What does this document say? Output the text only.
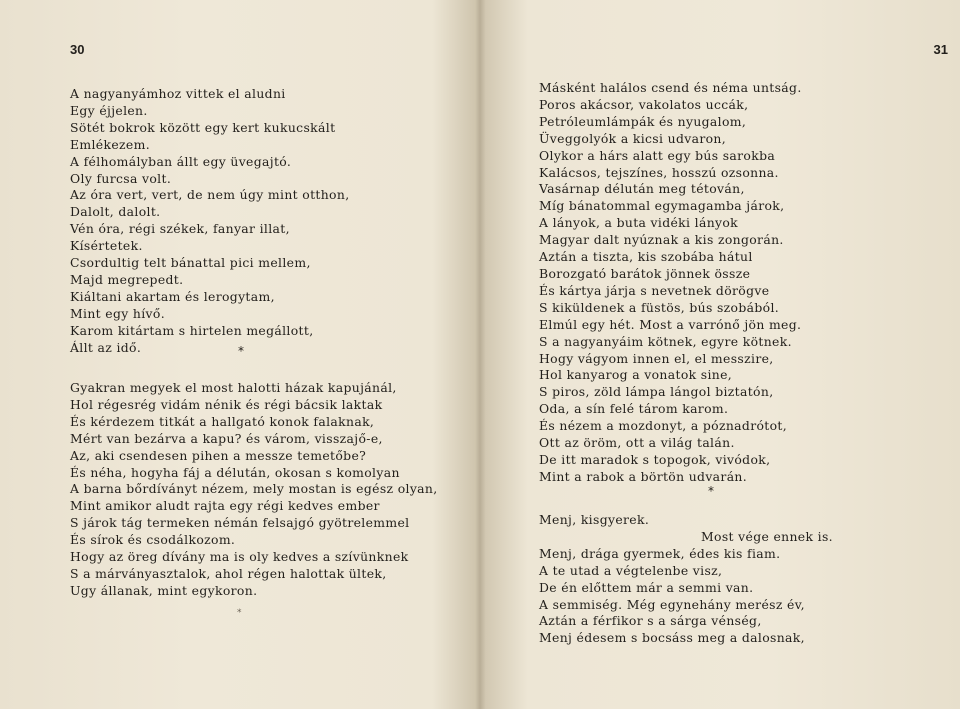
30
A nagyanyámhoz vittek el aludni
Egy éjjelen.
Sötét bokrok között egy kert kukucskált
Emlékezem.
A félhomályban állt egy üvegajtó.
Oly furcsa volt.
Az óra vert, vert, de nem úgy mint otthon,
Dalolt, dalolt.
Vén óra, régi székek, fanyar illat,
Kísértetek.
Csordultig telt bánattal pici mellem,
Majd megrepedt.
Kiáltani akartam és lerogytam,
Mint egy hívő.
Karom kitártam s hirtelen megállott,
Állt az idő.	*
Gyakran megyek el most halotti házak kapujánál,
Hol régesrég vidám nénik és régi bácsik laktak
És kérdezem titkát a hallgató konok falaknak,
Mért van bezárva a kapu? és várom, visszajő-e,
Az, aki csendesen pihen a messze temetőbe?
És néha, hogyha fáj a délután, okosan s komolyan
A barna bőrdíványt nézem, mely mostan is egész olyan,
Mint amikor aludt rajta egy régi kedves ember
S járok tág termeken némán felsajgó gyötrelemmel
És sírok és csodálkozom.
Hogy az öreg dívány ma is oly kedves a szívünknek
S a márványasztalok, ahol régen halottak ültek,
Ugy állanak, mint egykoron.
*
31
Másként halálos csend és néma untság.
Poros akácsor, vakolatos uccák,
Petróleumlámpák és nyugalom,
Üveggolyók a kicsi udvaron,
Olykor a hárs alatt egy bús sarokba
Kalácsos, tejszínes, hosszú ozsonna.
Vasárnap délután meg tétován,
Míg bánatommal egymagamba járok,
A lányok, a buta vidéki lányok
Magyar dalt nyúznak a kis zongorán.
Aztán a tiszta, kis szobába hátul
Borozgató barátok jönnek össze
És kártya járja s nevetnek dörögve
S kiküldenek a füstös, bús szobából.
Elmúl egy hét. Most a varrónő jön meg.
S a nagyanyáim kötnek, egyre kötnek.
Hogy vágyom innen el, el messzire,
Hol kanyarog a vonatok sine,
S piros, zöld lámpa lángol biztatón,
Oda, a sín felé tárom karom.
És nézem a mozdonyt, a póznadrótot,
Ott az öröm, ott a világ talán.
De itt maradok s topogok, vivódok,
Mint a rabok a börtön udvarán.
*
Menj, kisgyerek.
Most vége ennek is.
Menj, drága gyermek, édes kis fiam.
A te utad a végtelenbe visz,
De én előttem már a semmi van.
A semmiség. Még egynehány merész év,
Aztán a férfikor s a sárga vénség,
Menj édesem s bocsáss meg a dalosnak,
